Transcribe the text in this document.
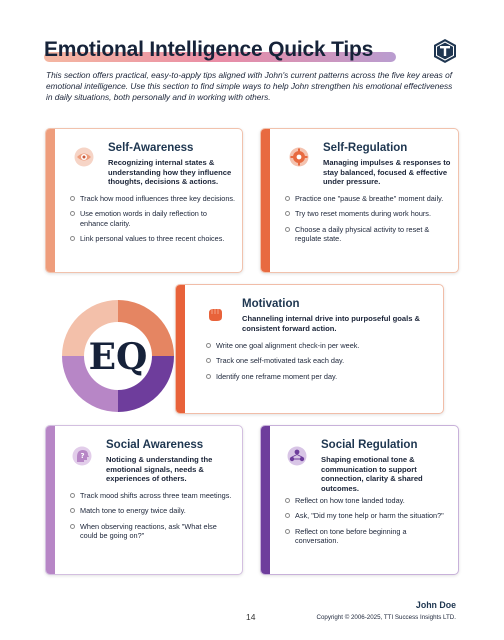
Emotional Intelligence Quick Tips
This section offers practical, easy-to-apply tips aligned with John's current patterns across the five key areas of emotional intelligence. Use this section to find simple ways to help John strengthen his emotional effectiveness in daily situations, both personally and in working with others.
Self-Awareness
Recognizing internal states & understanding how they influence thoughts, decisions & actions.
Track how mood influences three key decisions.
Use emotion words in daily reflection to enhance clarity.
Link personal values to three recent choices.
Self-Regulation
Managing impulses & responses to stay balanced, focused & effective under pressure.
Practice one "pause & breathe" moment daily.
Try two reset moments during work hours.
Choose a daily physical activity to reset & regulate state.
EQ
Motivation
Channeling internal drive into purposeful goals & consistent forward action.
Write one goal alignment check-in per week.
Track one self-motivated task each day.
Identify one reframe moment per day.
?
Social Awareness
Noticing & understanding the emotional signals, needs & experiences of others.
Track mood shifts across three team meetings.
Match tone to energy twice daily.
When observing reactions, ask "What else could be going on?"
Social Regulation
Shaping emotional tone & communication to support connection, clarity & shared outcomes.
Reflect on how tone landed today.
Ask, "Did my tone help or harm the situation?"
Reflect on tone before beginning a conversation.
14
John Doe
Copyright © 2006-2025, TTI Success Insights LTD.
